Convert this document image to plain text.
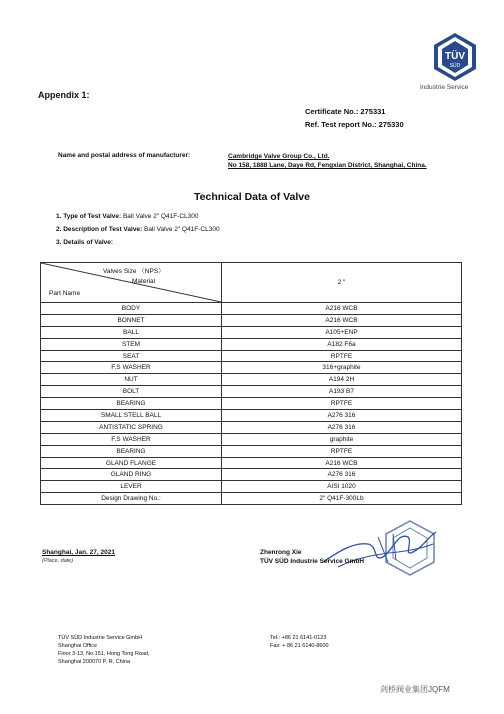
TÜV
SÜD
Industrie Service
Appendix 1:
Certificate No.: 275331
Ref. Test report No.: 275330
Name and postal address of manufacturer:	Cambridge Valve Group Co., Ltd.
No 158, 1888 Lane, Daye Rd, Fengxian District, Shanghai, China.
Technical Data of Valve
1. Type of Test Valve: Ball Valve 2" Q41F-CL300
2. Description of Test Valve: Ball Valve 2" Q41F-CL300
3. Details of Valve:
Valves Size （NPS）
Material
Part Name	2 "
BODY	A216 WCB
BONNET	A216 WCB
BALL	A105+ENP
STEM	A182 F6a
SEAT	RPTFE
F.S WASHER	316+graphite
NUT	A194 2H
BOLT	A193 B7
BEARING	RPTFE
SMALL STELL BALL	A276 316
ANTISTATIC SPRING	A276 316
F.S WASHER	graphite
BEARING	RPTFE
GLAND FLANGE	A216 WCB
GLAND RING	A276 316
LEVER	AISI 1020
Design Drawing No.:	2" Q41F-300Lb
Shanghai, Jan. 27, 2021
(Place, date)
Zhenrong Xie
TÜV SÜD Industrie Service GmbH
TÜV SÜD Industrie Service GmbH
Shanghai Office
Floor 3-13, No.151, Hong Tong Road,
Shanghai 200070 P. R. China
Tel.: +86 21 6141-0123
Fax: + 86 21 6140-8600
剑桥阀业集团JQFM
